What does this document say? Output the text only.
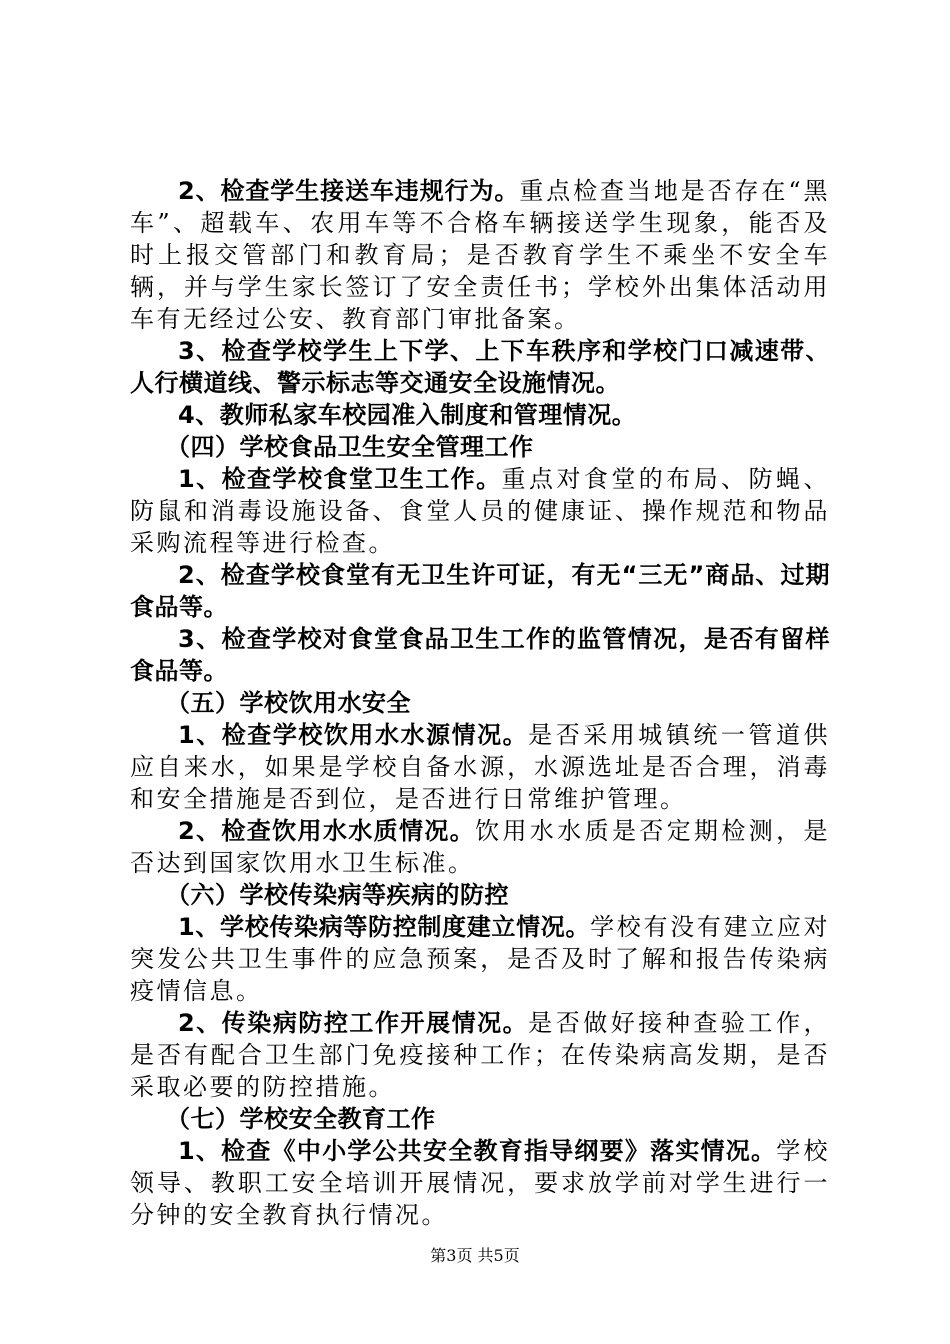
2、检查学生接送车违规行为。重点检查当地是否存在“黑车”、超载车、农用车等不合格车辆接送学生现象，能否及时上报交管部门和教育局；是否教育学生不乘坐不安全车辆，并与学生家长签订了安全责任书；学校外出集体活动用车有无经过公安、教育部门审批备案。

3、检查学校学生上下学、上下车秩序和学校门口减速带、人行横道线、警示标志等交通安全设施情况。

4、教师私家车校园准入制度和管理情况。

（四）学校食品卫生安全管理工作

1、检查学校食堂卫生工作。重点对食堂的布局、防蝇、防鼠和消毒设施设备、食堂人员的健康证、操作规范和物品采购流程等进行检查。

2、检查学校食堂有无卫生许可证，有无“三无”商品、过期食品等。

3、检查学校对食堂食品卫生工作的监管情况，是否有留样食品等。

（五）学校饮用水安全

1、检查学校饮用水水源情况。是否采用城镇统一管道供应自来水，如果是学校自备水源，水源选址是否合理，消毒和安全措施是否到位，是否进行日常维护管理。

2、检查饮用水水质情况。饮用水水质是否定期检测，是否达到国家饮用水卫生标准。

（六）学校传染病等疾病的防控

1、学校传染病等防控制度建立情况。学校有没有建立应对突发公共卫生事件的应急预案，是否及时了解和报告传染病疫情信息。

2、传染病防控工作开展情况。是否做好接种查验工作，是否有配合卫生部门免疫接种工作；在传染病高发期，是否采取必要的防控措施。

（七）学校安全教育工作

1、检查《中小学公共安全教育指导纲要》落实情况。学校领导、教职工安全培训开展情况，要求放学前对学生进行一分钟的安全教育执行情况。

第3页 共5页
